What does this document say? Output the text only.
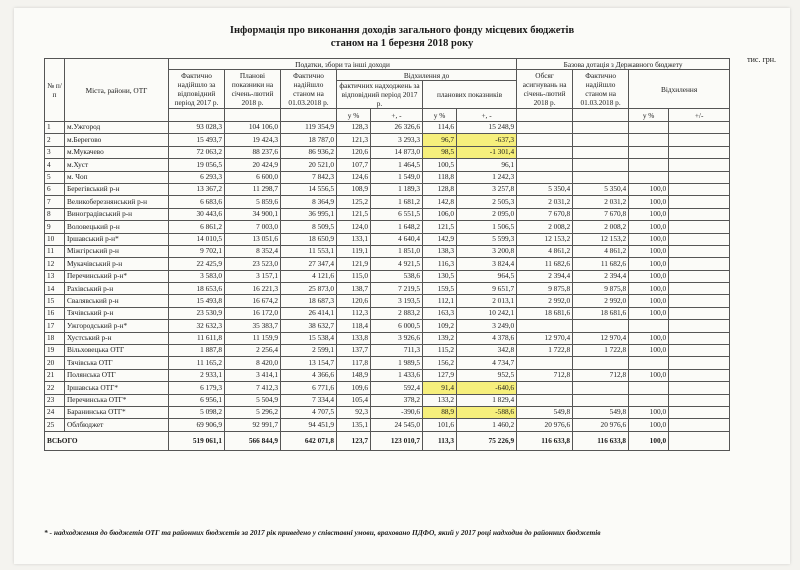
Інформація про виконання доходів загального фонду місцевих бюджетів
станом на 1 березня 2018 року
тис. грн.
№ п/п	Міста, райони, ОТГ	Податки, збори та інші доходи							Базова дотація з Державного бюджету			
		Фактично надійшло за відповідний період 2017 р.	Планові показники на січень-лютий 2018 р.	Фактично надійшло станом на 01.03.2018 р.	Відхилення до				Обсяг асигнувань на січень-лютий 2018 р.	Фактично надійшло станом на 01.03.2018 р.	Відхилення	
					фактичних надходжень за відповідний період 2017 р.		планових показників					
					у %	+, -	у %	+, -			у %	+/-
1	м.Ужгород	93 028,3	104 106,0	119 354,9	128,3	26 326,6	114,6	15 248,9				
2	м.Берегово	15 493,7	19 424,3	18 787,0	121,3	3 293,3	96,7	-637,3				
3	м.Мукачево	72 063,2	88 237,6	86 936,2	120,6	14 873,0	98,5	-1 301,4				
4	м.Хуст	19 056,5	20 424,9	20 521,0	107,7	1 464,5	100,5	96,1				
5	м. Чоп	6 293,3	6 600,0	7 842,3	124,6	1 549,0	118,8	1 242,3				
6	Берегівський р-н	13 367,2	11 298,7	14 556,5	108,9	1 189,3	128,8	3 257,8	5 350,4	5 350,4	100,0	
7	Великоберезнянський р-н	6 683,6	5 859,6	8 364,9	125,2	1 681,2	142,8	2 505,3	2 031,2	2 031,2	100,0	
8	Виноградівський р-н	30 443,6	34 900,1	36 995,1	121,5	6 551,5	106,0	2 095,0	7 670,8	7 670,8	100,0	
9	Воловецький р-н	6 861,2	7 003,0	8 509,5	124,0	1 648,2	121,5	1 506,5	2 008,2	2 008,2	100,0	
10	Іршавський р-н*	14 010,5	13 051,6	18 650,9	133,1	4 640,4	142,9	5 599,3	12 153,2	12 153,2	100,0	
11	Міжгірський р-н	9 702,1	8 352,4	11 553,1	119,1	1 851,0	138,3	3 200,8	4 861,2	4 861,2	100,0	
12	Мукачівський р-н	22 425,9	23 523,0	27 347,4	121,9	4 921,5	116,3	3 824,4	11 682,6	11 682,6	100,0	
13	Перечинський р-н*	3 583,0	3 157,1	4 121,6	115,0	538,6	130,5	964,5	2 394,4	2 394,4	100,0	
14	Рахівський р-н	18 653,6	16 221,3	25 873,0	138,7	7 219,5	159,5	9 651,7	9 875,8	9 875,8	100,0	
15	Свалявський р-н	15 493,8	16 674,2	18 687,3	120,6	3 193,5	112,1	2 013,1	2 992,0	2 992,0	100,0	
16	Тячівський р-н	23 530,9	16 172,0	26 414,1	112,3	2 883,2	163,3	10 242,1	18 681,6	18 681,6	100,0	
17	Ужгородський р-н*	32 632,3	35 383,7	38 632,7	118,4	6 000,5	109,2	3 249,0				
18	Хустський р-н	11 611,8	11 159,9	15 538,4	133,8	3 926,6	139,2	4 378,6	12 970,4	12 970,4	100,0	
19	Вільховецька ОТГ	1 887,8	2 256,4	2 599,1	137,7	711,3	115,2	342,8	1 722,8	1 722,8	100,0	
20	Тячівська ОТГ	11 165,2	8 420,0	13 154,7	117,8	1 989,5	156,2	4 734,7				
21	Полянська ОТГ	2 933,1	3 414,1	4 366,6	148,9	1 433,6	127,9	952,5	712,8	712,8	100,0	
22	Іршавська ОТГ*	6 179,3	7 412,3	6 771,6	109,6	592,4	91,4	-640,6				
23	Перечинська ОТГ*	6 956,1	5 504,9	7 334,4	105,4	378,2	133,2	1 829,4				
24	Баранинська ОТГ*	5 098,2	5 296,2	4 707,5	92,3	-390,6	88,9	-588,6	549,8	549,8	100,0	
25	Облбюджет	69 906,9	92 991,7	94 451,9	135,1	24 545,0	101,6	1 460,2	20 976,6	20 976,6	100,0	
ВСЬОГО		519 061,1	566 844,9	642 071,8	123,7	123 010,7	113,3	75 226,9	116 633,8	116 633,8	100,0	
* - надходження до бюджетів ОТГ та районних бюджетів за 2017 рік приведено у співставні умови, враховано ПДФО, який у 2017 році надходив до районних бюджетів
